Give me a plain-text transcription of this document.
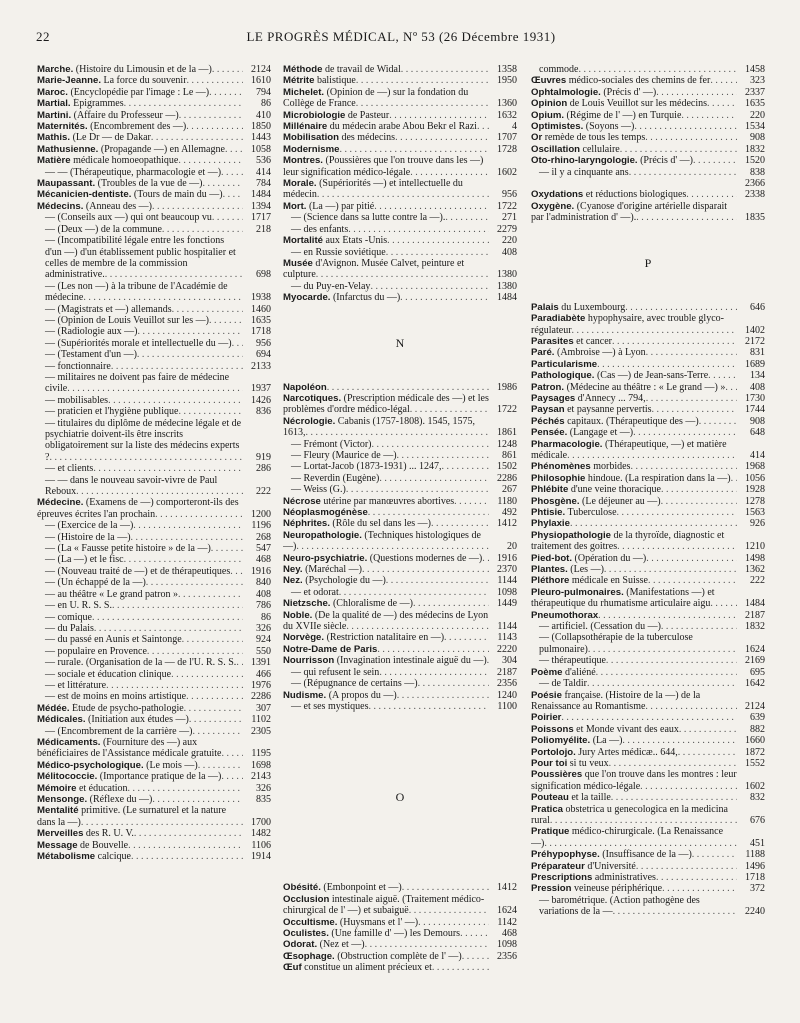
22	LE PROGRÈS MÉDICAL, Nº 53 (26 Décembre 1931)
Marche. (Histoire du Limousin et de la —) . . .	2124
Marie-Jeanne. La force du souvenir . . .	1610
Maroc. (Encyclopédie par l'image : Le —) . . .	794
Martial. Épigrammes . . .	86
Martini. (Affaire du Professeur —) . . .	410
Maternités. (Encombrement des —) . . .	1850
Mathis. (Le Dr — de Dakar . . .	1443
Mathusienne. (Propagande —) en Allemagne . . .	1058
Matière médicale homoeopathique . . .	536
— — (Thérapeutique, pharmacologie et —) . . .	414
Maupassant. (Troubles de la vue de —) . . .	784
Mécanicien-dentiste. (Tours de main du —) . . .	1484
Médecins. (Anneau des —) . . .	1394
— (Conseils aux —) qui ont beaucoup vu . . .	1717
— (Deux —) de la commune . . .	218
— (Incompatibilité légale entre les fonctions d'un —) d'un établissement public hospitalier et celles de membre de la commission administrative. . . .	698
— (Les non —) à la tribune de l'Académie de médecine . . .	1938
— (Magistrats et —) allemands . . .	1460
— (Opinion de Louis Veuillot sur les —) . . .	1635
— (Radiologie aux —) . . .	1718
— (Supériorités morale et intellectuelle du —) . . .	956
— (Testament d'un —) . . .	694
— fonctionnaire . . .	2133
— militaires ne doivent pas faire de médecine civile . . .	1937
— mobilisables . . .	1426
— praticien et l'hygiène publique . . .	836
— titulaires du diplôme de médecine légale et de psychiatrie doivent-ils être inscrits obligatoirement sur la liste des médecins experts ? . . .	919
— et clients . . .	286
— — dans le nouveau savoir-vivre de Paul Reboux . . .	222
Médecine. (Examens de —) comporteront-ils des épreuves écrites l'an prochain . . .	1200
— (Exercice de la —) . . .	1196
— (Histoire de la —) . . .	268
— (La « Fausse petite histoire » de la —) . . .	547
— (La —) et le fisc . . .	468
— (Nouveau traité de —) et de thérapeutiques . . .	1916
— (Un échappé de la —) . . .	840
— au théâtre « Le grand patron » . . .	408
— en U. R. S. S. . . .	786
— comique . . .	86
— du Palais . . .	326
— du passé en Aunis et Saintonge . . .	924
— populaire en Provence . . .	550
— rurale. (Organisation de la — de l'U. R. S. S. . . .	1391
— sociale et éducation clinique . . .	466
— et littérature . . .	1976
— est de moins en moins artistique . . .	2286
Médée. Étude de psycho-pathologie . . .	307
Médicales. (Initiation aux études —) . . .	1102
— (Encombrement de la carrière —) . . .	2305
Médicaments. (Fourniture des —) aux bénéficiaires de l'Assistance médicale gratuite . . .	1195
Médico-psychologique. (Le mois —) . . .	1698
Mélitococcie. (Importance pratique de la —) . . .	2143
Mémoire et éducation . . .	326
Mensonge. (Réflexe du —) . . .	835
Mentalité primitive. (Le surnaturel et la nature dans la —) . . .	1700
Merveilles des R. U. V. . . .	1482
Message de Bouvelle . . .	1106
Métabolisme calcique . . .	1914
Méthode de travail de Widal . . .	1358
Métrite balistique . . .	1950
Michelet. (Opinion de —) sur la fondation du Collège de France . . .	1360
Microbiologie de Pasteur . . .	1632
Millénaire du médecin arabe Abou Bekr el Razi . . .	4
Mobilisation des médecins . . .	1707
Modernisme . . .	1728
Montres. (Poussières que l'on trouve dans les —) leur signification médico-légale . . .	1602
Morale. (Supériorités —) et intellectuelle du médecin . . .	956
Mort. (La —) par pitié . . .	1722
— (Science dans sa lutte contre la —). . . .	271
— des enfants . . .	2279
Mortalité aux États -Unis . . .	220
— en Russie soviétique . . .	408
Musée d'Avignon. Musée Calvet, peinture et culpture . . .	1380
— du Puy-en-Velay . . .	1380
Myocarde. (Infarctus du —) . . .	1484
N
Napoléon . . .	1986
Narcotiques. (Prescription médicale des —) et les problèmes d'ordre médico-légal . . .	1722
Nécrologie. Cabanis (1757-1808). 1545, 1575, 1613, . . .	1861
— Frémont (Victor) . . .	1248
— Fleury (Maurice de —) . . .	861
— Lortat-Jacob (1873-1931) ... 1247, . . .	1502
— Reverdin (Eugène) . . .	2286
— Weiss (G.) . . .	267
Nécrose utérine par manœuvres abortives . . .	1180
Néoplasmogénèse . . .	492
Néphrites. (Rôle du sel dans les —) . . .	1412
Neuropathologie. (Techniques histologiques de —) . . .	20
Neuro-psychiatrie. (Questions modernes de —) . . .	1916
Ney. (Maréchal —) . . .	2370
Nez. (Psychologie du —) . . .	1144
— et odorat . . .	1098
Nietzsche. (Chloralisme de —) . . .	1449
Noble. (De la qualité de —) des médecins de Lyon du XVIIe siècle . . .	1144
Norvège. (Restriction natalitaire en —) . . .	1143
Notre-Dame de Paris . . .	2220
Nourrisson (Invagination intestinale aiguë du —) . . .	304
— qui refusent le sein . . .	2187
— (Répugnance de certains —) . . .	2356
Nudisme. (A propos du —) . . .	1240
— et ses mystiques . . .	1100
O
Obésité. (Embonpoint et —) . . .	1412
Occlusion intestinale aiguë. (Traitement médico-chirurgical de l' —) et subaiguë . . .	1624
Occultisme. (Huysmans et l' —) . . .	1142
Oculistes. (Une famille d' —) les Demours . . .	468
Odorat. (Nez et —) . . .	1098
Œsophage. (Obstruction complète de l' —) . . .	2356
Œuf constitue un aliment précieux et . . .
commode . . .	1458
Œuvres médico-sociales des chemins de fer . . .	323
Ophtalmologie. (Précis d' —) . . .	2337
Opinion de Louis Veuillot sur les médecins . . .	1635
Opium. (Régime de l' —) en Turquie . . .	220
Optimistes. (Soyons —) . . .	1534
Or remède de tous les temps . . .	908
Oscillation cellulaire . . .	1832
Oto-rhino-laryngologie. (Précis d' —) . . .	1520
— il y a cinquante ans . . .	838
2366
Oxydations et réductions biologiques . . .	2338
Oxygène. (Cyanose d'origine artérielle disparait par l'administration d' —). . . .	1835
P
Palais du Luxembourg . . .	646
Paradiabète hypophysaire, avec trouble glyco-régulateur . . .	1402
Parasites et cancer . . .	2172
Paré. (Ambroise —) à Lyon . . .	831
Particularisme . . .	1689
Pathologique. (Cas —) de Jean-sans-Terre . . .	134
Patron. (Médecine au théâtre : « Le grand —) » . . .	408
Paysages d'Annecy ... 794, . . .	1730
Paysan et paysanne pervertis . . .	1744
Péchés capitaux. (Thérapeutique des —) . . .	908
Pensée. (Langage et —) . . .	648
Pharmacologie. (Thérapeutique, —) et matière médicale . . .	414
Phénomènes morbides . . .	1968
Philosophie hindoue. (La respiration dans la —) . . .	1056
Phlébite d'une veine thoracique . . .	1928
Phosgène. (Le déjeuner au —) . . .	1278
Phtisie. Tuberculose . . .	1563
Phylaxie . . .	926
Physiopathologie de la thyroïde, diagnostic et traitement des goitres . . .	1210
Pied-bot. (Opération du —) . . .	1498
Plantes. (Les —) . . .	1362
Pléthore médicale en Suisse . . .	222
Pleuro-pulmonaires. (Manifestations —) et thérapeutique du rhumatisme articulaire aigu . . .	1484
Pneumothorax . . .	2187
— artificiel. (Cessation du —) . . .	1832
— (Collapsothérapie de la tuberculose pulmonaire) . . .	1624
— thérapeutique . . .	2169
Poème d'aliéné . . .	695
— de Taldir . . .	1642
Poésie française. (Histoire de la —) de la Renaissance au Romantisme . . .	2124
Poirier . . .	639
Poissons et Monde vivant des eaux . . .	882
Poliomyélite. (La —) . . .	1660
Portolojo. Jury Artes médicæ.. 644, . . .	1872
Pour toi si tu veux . . .	1552
Poussières que l'on trouve dans les montres : leur signification médico-légale . . .	1602
Pouteau et la taille . . .	832
Pratica obstetrica u genecologica en la medicina rural . . .	676
Pratique médico-chirurgicale. (La Renaissance —) . . .	451
Préhypophyse. (Insuffisance de la —) . . .	1188
Préparateur d'Université . . .	1496
Prescriptions administratives . . .	1718
Pression veineuse périphérique . . .	372
— barométrique. (Action pathogène des variations de la — . . .	2240
